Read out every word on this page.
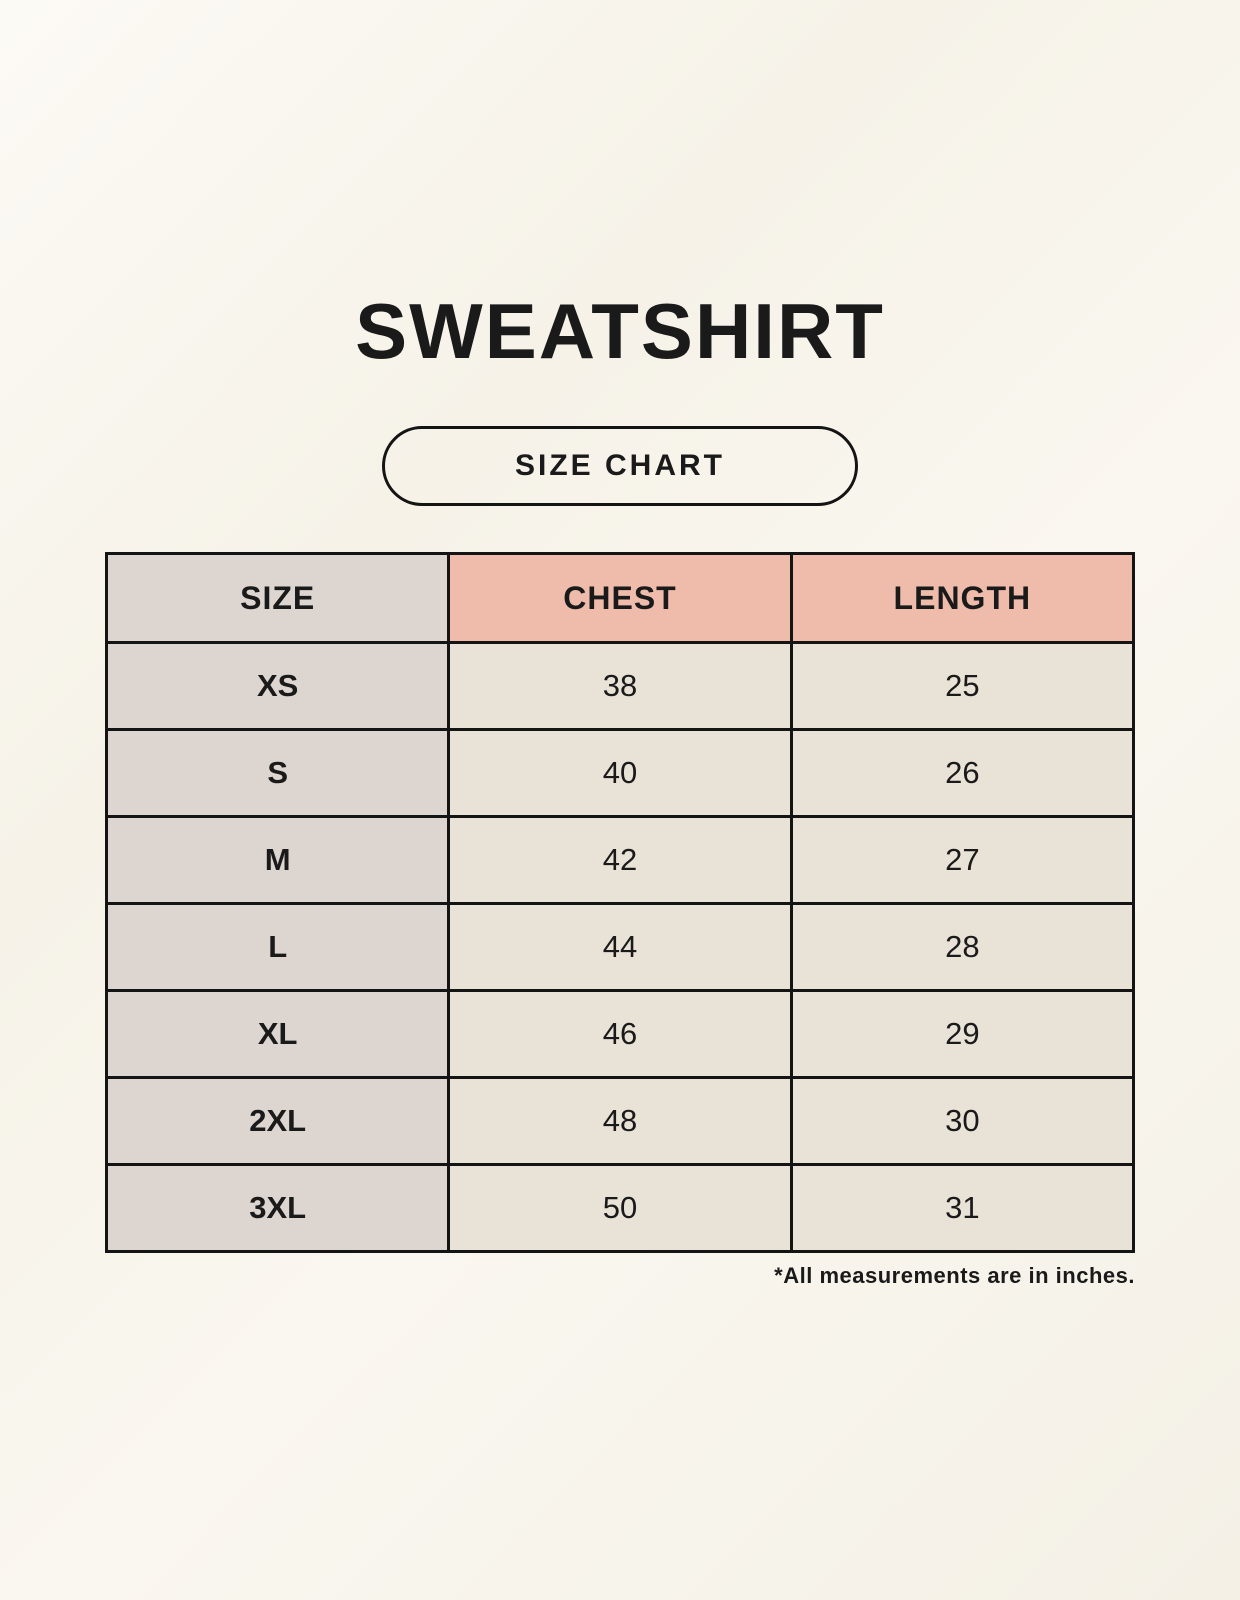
SWEATSHIRT
SIZE CHART
SIZE	CHEST	LENGTH
XS	38	25
S	40	26
M	42	27
L	44	28
XL	46	29
2XL	48	30
3XL	50	31
*All measurements are in inches.
